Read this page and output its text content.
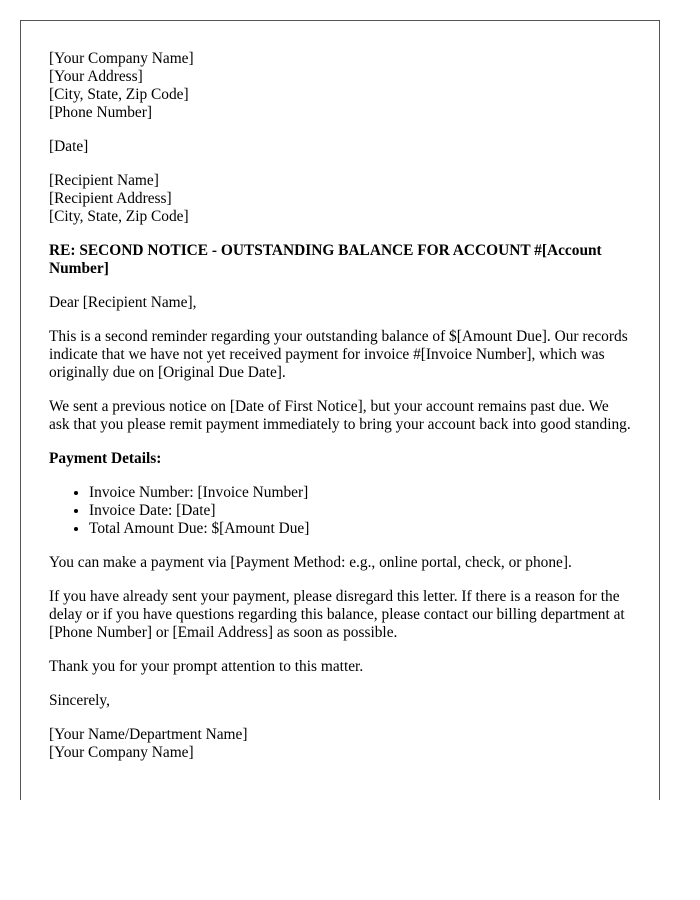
[Your Company Name]
[Your Address]
[City, State, Zip Code]
[Phone Number]
[Date]
[Recipient Name]
[Recipient Address]
[City, State, Zip Code]
RE: SECOND NOTICE - OUTSTANDING BALANCE FOR ACCOUNT #[Account Number]

Dear [Recipient Name],

This is a second reminder regarding your outstanding balance of $[Amount Due]. Our records indicate that we have not yet received payment for invoice #[Invoice Number], which was originally due on [Original Due Date].

We sent a previous notice on [Date of First Notice], but your account remains past due. We ask that you please remit payment immediately to bring your account back into good standing.

Payment Details:
• Invoice Number: [Invoice Number]
• Invoice Date: [Date]
• Total Amount Due: $[Amount Due]

You can make a payment via [Payment Method: e.g., online portal, check, or phone].

If you have already sent your payment, please disregard this letter. If there is a reason for the delay or if you have questions regarding this balance, please contact our billing department at [Phone Number] or [Email Address] as soon as possible.

Thank you for your prompt attention to this matter.

Sincerely,

[Your Name/Department Name]
[Your Company Name]
